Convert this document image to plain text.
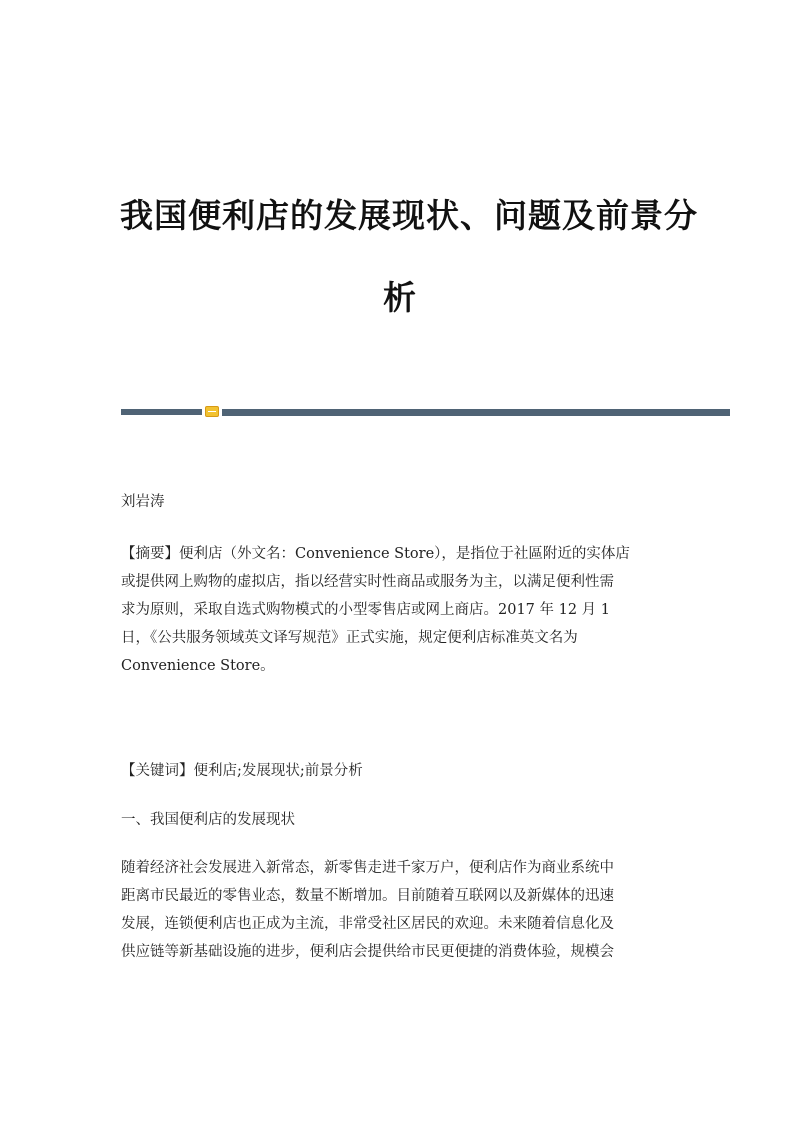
我国便利店的发展现状、问题及前景分
析

刘岩涛

【摘要】便利店（外文名：Convenience Store），是指位于社區附近的实体店
或提供网上购物的虚拟店，指以经营实时性商品或服务为主，以满足便利性需
求为原则，采取自选式购物模式的小型零售店或网上商店。2017 年 12 月 1
日，《公共服务领域英文译写规范》正式实施，规定便利店标准英文名为
Convenience Store。

【关键词】便利店;发展现状;前景分析

一、我国便利店的发展现状

随着经济社会发展进入新常态，新零售走进千家万户，便利店作为商业系统中
距离市民最近的零售业态，数量不断增加。目前随着互联网以及新媒体的迅速
发展，连锁便利店也正成为主流，非常受社区居民的欢迎。未来随着信息化及
供应链等新基础设施的进步，便利店会提供给市民更便捷的消费体验，规模会
